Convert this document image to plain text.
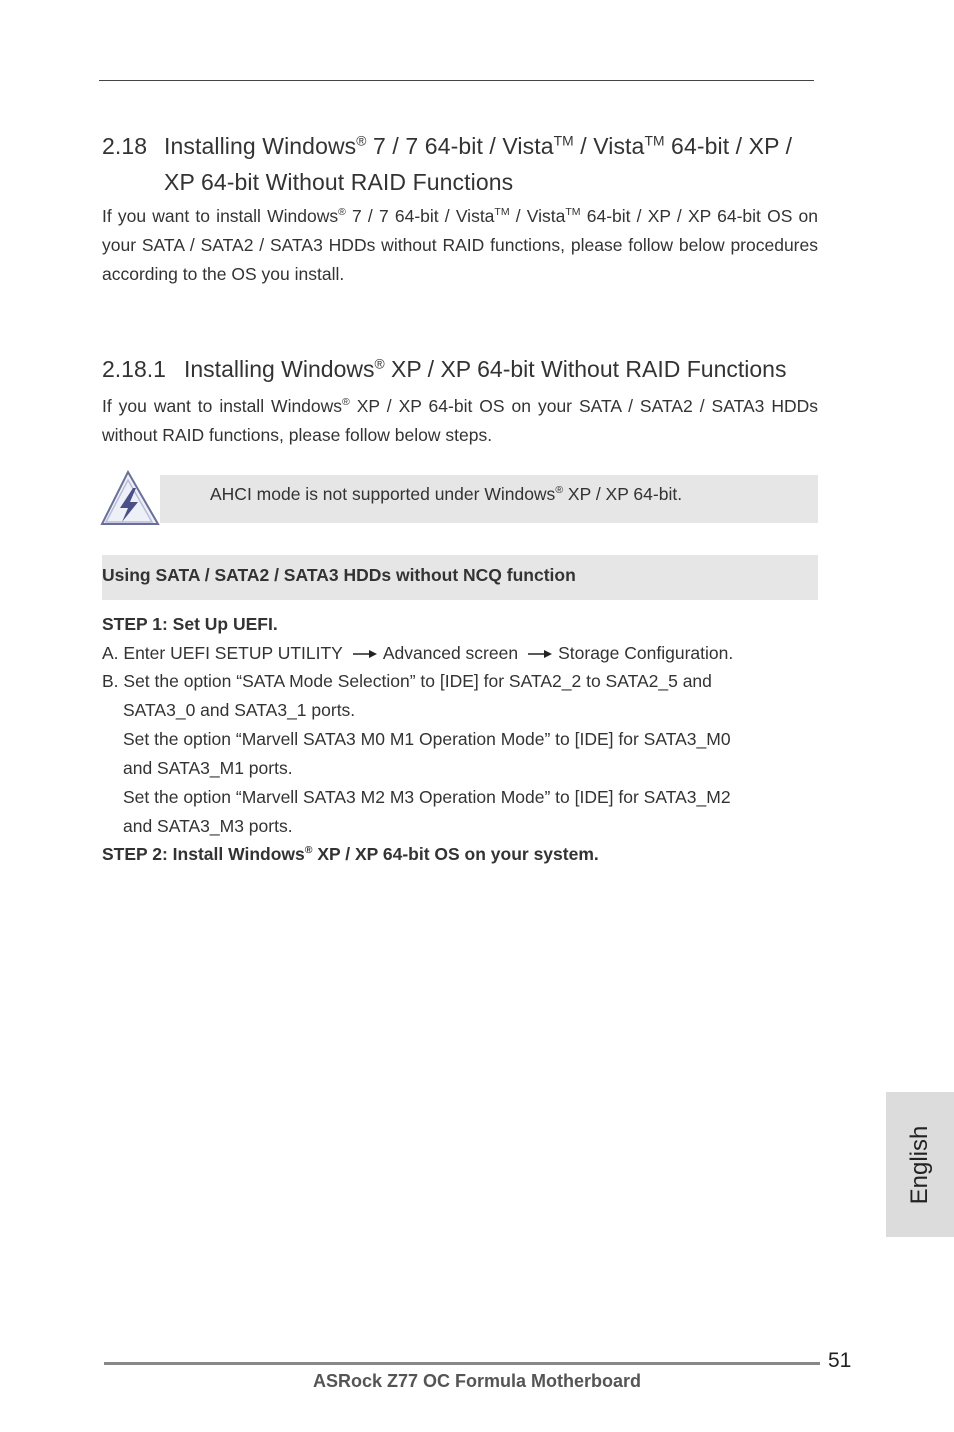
2.18 Installing Windows® 7 / 7 64-bit / Vista™ / Vista™ 64-bit / XP /
XP 64-bit Without RAID Functions
If you want to install Windows® 7 / 7 64-bit / Vista™ / Vista™ 64-bit / XP / XP 64-bit OS on your SATA / SATA2 / SATA3 HDDs without RAID functions, please follow below procedures according to the OS you install.
2.18.1 Installing Windows® XP / XP 64-bit Without RAID Functions
If you want to install Windows® XP / XP 64-bit OS on your SATA / SATA2 / SATA3 HDDs without RAID functions, please follow below steps.
AHCI mode is not supported under Windows® XP / XP 64-bit.
Using SATA / SATA2 / SATA3 HDDs without NCQ function
STEP 1: Set Up UEFI.
A. Enter UEFI SETUP UTILITY Advanced screen Storage Configuration.
B. Set the option “SATA Mode Selection” to [IDE] for SATA2_2 to SATA2_5 and
SATA3_0 and SATA3_1 ports.
Set the option “Marvell SATA3 M0 M1 Operation Mode” to [IDE] for SATA3_M0
and SATA3_M1 ports.
Set the option “Marvell SATA3 M2 M3 Operation Mode” to [IDE] for SATA3_M2
and SATA3_M3 ports.
STEP 2: Install Windows® XP / XP 64-bit OS on your system.
English
51
ASRock Z77 OC Formula Motherboard
